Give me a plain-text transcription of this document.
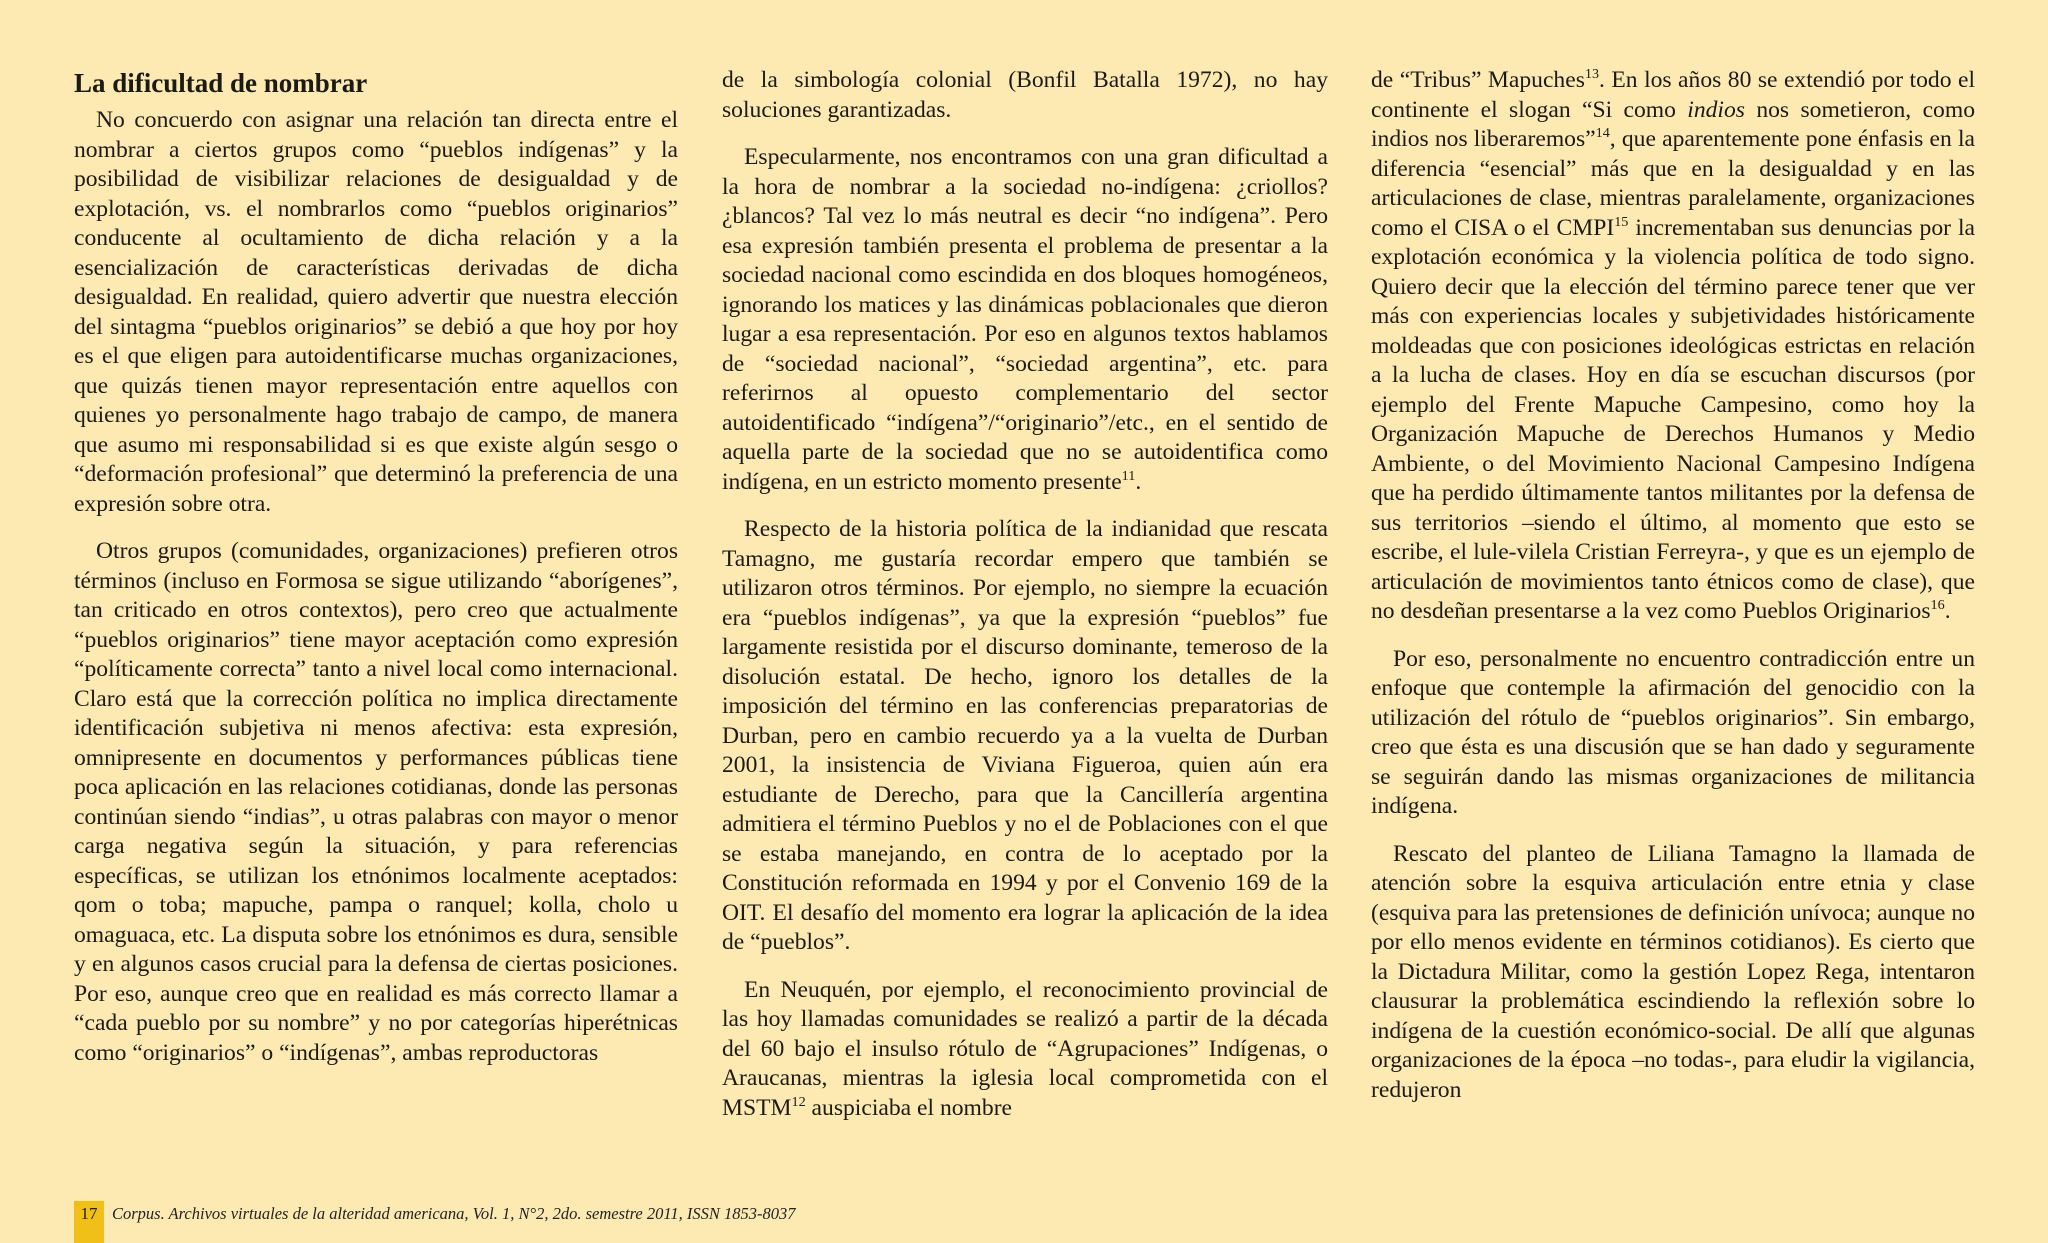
La dificultad de nombrar

No concuerdo con asignar una relación tan directa entre el nombrar a ciertos grupos como “pueblos indígenas” y la posibilidad de visibilizar relaciones de desigualdad y de explotación, vs. el nombrarlos como “pueblos originarios” conducente al ocultamiento de dicha relación y a la esencialización de características derivadas de dicha desigualdad. En realidad, quiero advertir que nuestra elección del sintagma “pueblos originarios” se debió a que hoy por hoy es el que eligen para autoidentificarse muchas organizaciones, que quizás tienen mayor representación entre aquellos con quienes yo personalmente hago trabajo de campo, de manera que asumo mi responsabilidad si es que existe algún sesgo o “deformación profesional” que determinó la preferencia de una expresión sobre otra.

Otros grupos (comunidades, organizaciones) prefieren otros términos (incluso en Formosa se sigue utilizando “aborígenes”, tan criticado en otros contextos), pero creo que actualmente “pueblos originarios” tiene mayor aceptación como expresión “políticamente correcta” tanto a nivel local como internacional. Claro está que la corrección política no implica directamente identificación subjetiva ni menos afectiva: esta expresión, omnipresente en documentos y performances públicas tiene poca aplicación en las relaciones cotidianas, donde las personas continúan siendo “indias”, u otras palabras con mayor o menor carga negativa según la situación, y para referencias específicas, se utilizan los etnónimos localmente aceptados: qom o toba; mapuche, pampa o ranquel; kolla, cholo u omaguaca, etc. La disputa sobre los etnónimos es dura, sensible y en algunos casos crucial para la defensa de ciertas posiciones. Por eso, aunque creo que en realidad es más correcto llamar a “cada pueblo por su nombre” y no por categorías hiperétnicas como “originarios” o “indígenas”, ambas reproductoras

de la simbología colonial (Bonfil Batalla 1972), no hay soluciones garantizadas.

Especularmente, nos encontramos con una gran dificultad a la hora de nombrar a la sociedad no-indígena: ¿criollos? ¿blancos? Tal vez lo más neutral es decir “no indígena”. Pero esa expresión también presenta el problema de presentar a la sociedad nacional como escindida en dos bloques homogéneos, ignorando los matices y las dinámicas poblacionales que dieron lugar a esa representación. Por eso en algunos textos hablamos de “sociedad nacional”, “sociedad argentina”, etc. para referirnos al opuesto complementario del sector autoidentificado “indígena”/“originario”/etc., en el sentido de aquella parte de la sociedad que no se autoidentifica como indígena, en un estricto momento presente$^{11}$.

Respecto de la historia política de la indianidad que rescata Tamagno, me gustaría recordar empero que también se utilizaron otros términos. Por ejemplo, no siempre la ecuación era “pueblos indígenas”, ya que la expresión “pueblos” fue largamente resistida por el discurso dominante, temeroso de la disolución estatal. De hecho, ignoro los detalles de la imposición del término en las conferencias preparatorias de Durban, pero en cambio recuerdo ya a la vuelta de Durban 2001, la insistencia de Viviana Figueroa, quien aún era estudiante de Derecho, para que la Cancillería argentina admitiera el término Pueblos y no el de Poblaciones con el que se estaba manejando, en contra de lo aceptado por la Constitución reformada en 1994 y por el Convenio 169 de la OIT. El desafío del momento era lograr la aplicación de la idea de “pueblos”.

En Neuquén, por ejemplo, el reconocimiento provincial de las hoy llamadas comunidades se realizó a partir de la década del 60 bajo el insulso rótulo de “Agrupaciones” Indígenas, o Araucanas, mientras la iglesia local comprometida con el MSTM$^{12}$ auspiciaba el nombre

de “Tribus” Mapuches$^{13}$. En los años 80 se extendió por todo el continente el slogan “Si como indios nos sometieron, como indios nos liberaremos”$^{14}$, que aparentemente pone énfasis en la diferencia “esencial” más que en la desigualdad y en las articulaciones de clase, mientras paralelamente, organizaciones como el CISA o el CMPI$^{15}$ incrementaban sus denuncias por la explotación económica y la violencia política de todo signo. Quiero decir que la elección del término parece tener que ver más con experiencias locales y subjetividades históricamente moldeadas que con posiciones ideológicas estrictas en relación a la lucha de clases. Hoy en día se escuchan discursos (por ejemplo del Frente Mapuche Campesino, como hoy la Organización Mapuche de Derechos Humanos y Medio Ambiente, o del Movimiento Nacional Campesino Indígena que ha perdido últimamente tantos militantes por la defensa de sus territorios –siendo el último, al momento que esto se escribe, el lule-vilela Cristian Ferreyra-, y que es un ejemplo de articulación de movimientos tanto étnicos como de clase), que no desdeñan presentarse a la vez como Pueblos Originarios$^{16}$.

Por eso, personalmente no encuentro contradicción entre un enfoque que contemple la afirmación del genocidio con la utilización del rótulo de “pueblos originarios”. Sin embargo, creo que ésta es una discusión que se han dado y seguramente se seguirán dando las mismas organizaciones de militancia indígena.

Rescato del planteo de Liliana Tamagno la llamada de atención sobre la esquiva articulación entre etnia y clase (esquiva para las pretensiones de definición unívoca; aunque no por ello menos evidente en términos cotidianos). Es cierto que la Dictadura Militar, como la gestión Lopez Rega, intentaron clausurar la problemática escindiendo la reflexión sobre lo indígena de la cuestión económico-social. De allí que algunas organizaciones de la época –no todas-, para eludir la vigilancia, redujeron

17 Corpus. Archivos virtuales de la alteridad americana, Vol. 1, N°2, 2do. semestre 2011, ISSN 1853-8037
